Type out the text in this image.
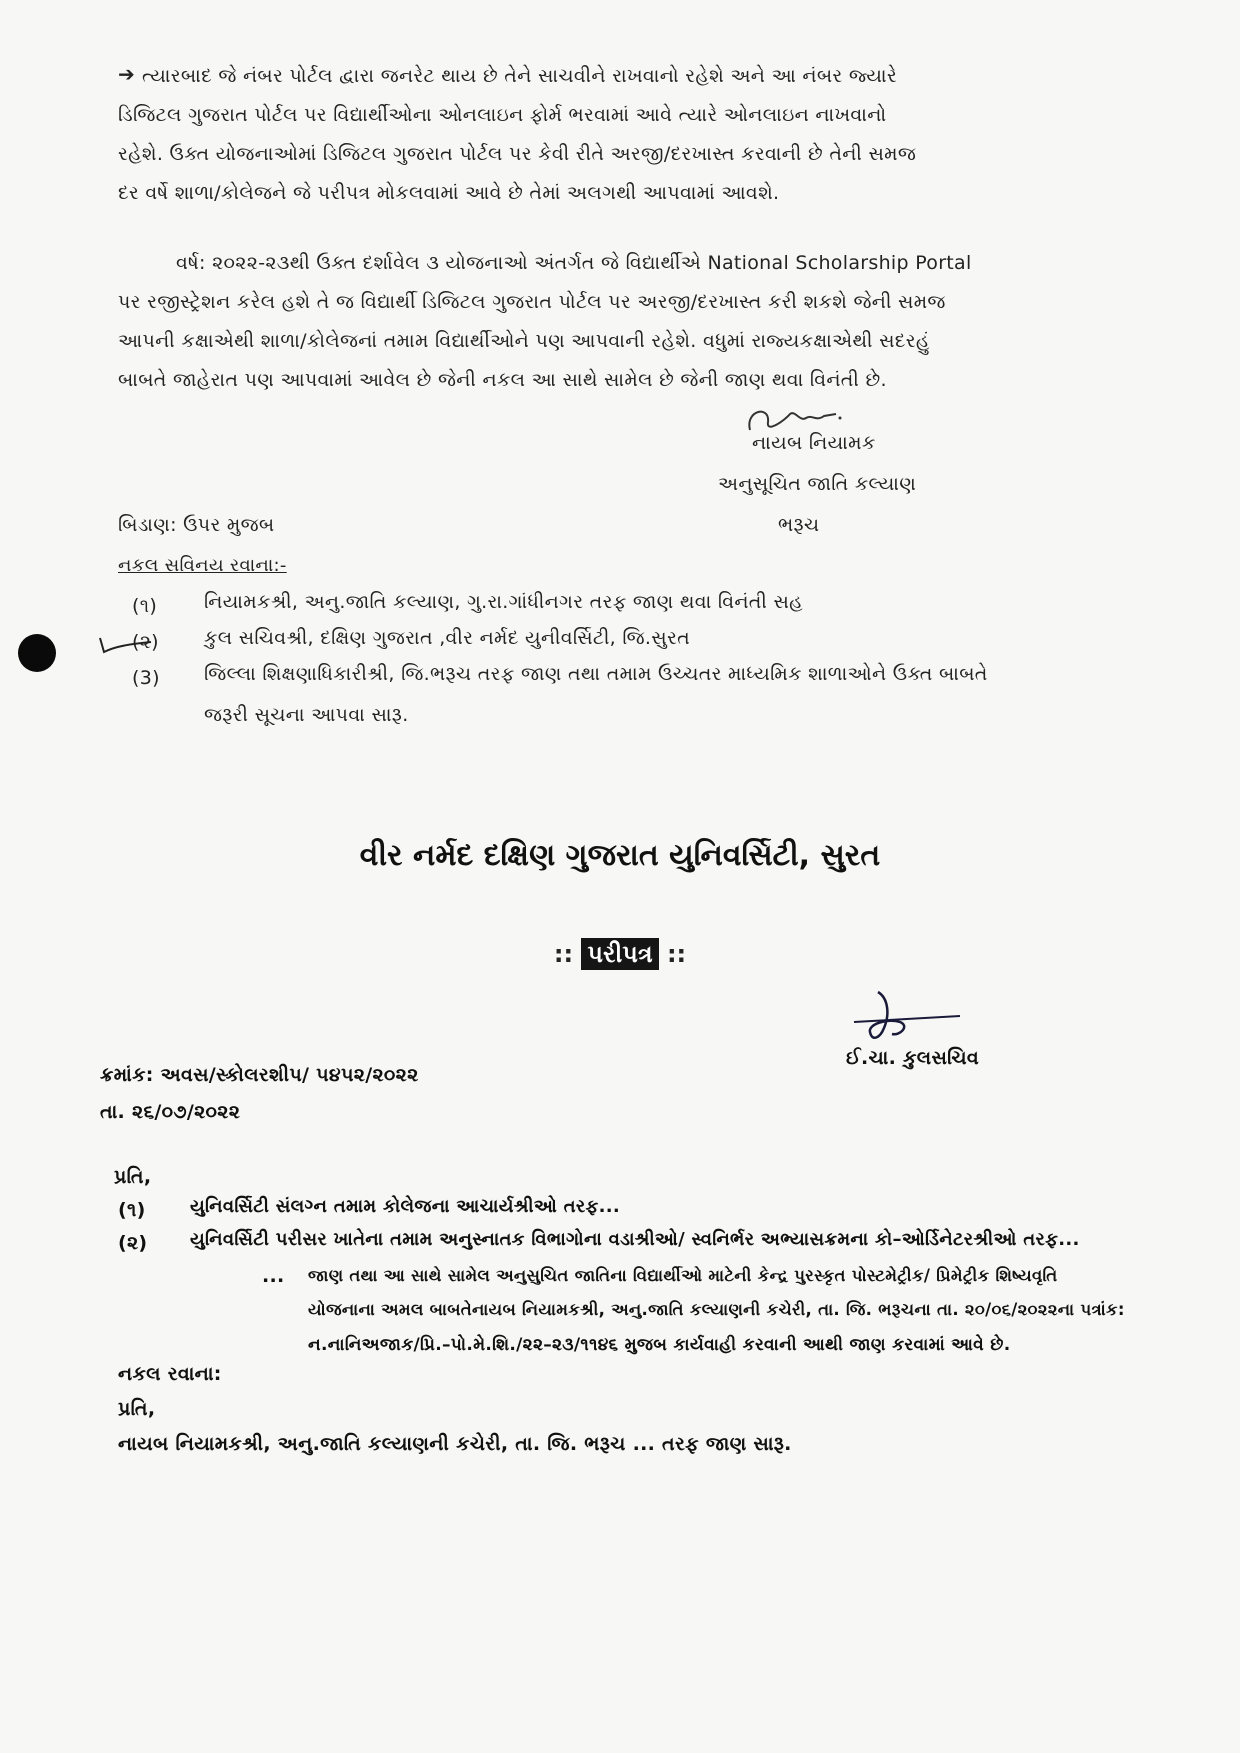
➔ ત્યારબાદ જે નંબર પોર્ટલ દ્વારા જનરેટ થાય છે તેને સાચવીને રાખવાનો રહેશે અને આ નંબર જ્યારે
ડિજિટલ ગુજરાત પોર્ટલ પર વિદ્યાર્થીઓના ઓનલાઇન ફોર્મ ભરવામાં આવે ત્યારે ઓનલાઇન નાખવાનો
રહેશે. ઉક્ત યોજનાઓમાં ડિજિટલ ગુજરાત પોર્ટલ પર કેવી રીતે અરજી/દરખાસ્ત કરવાની છે તેની સમજ
દર વર્ષે શાળા/કોલેજને જે પરીપત્ર મોકલવામાં આવે છે તેમાં અલગથી આપવામાં આવશે.
વર્ષ: ૨૦૨૨-૨૩થી ઉક્ત દર્શાવેલ ૩ યોજનાઓ અંતર્ગત જે વિદ્યાર્થીએ National Scholarship Portal
પર રજીસ્ટ્રેશન કરેલ હશે તે જ વિદ્યાર્થી ડિજિટલ ગુજરાત પોર્ટલ પર અરજી/દરખાસ્ત કરી શકશે જેની સમજ
આપની કક્ષાએથી શાળા/કોલેજનાં તમામ વિદ્યાર્થીઓને પણ આપવાની રહેશે. વધુમાં રાજ્યકક્ષાએથી સદરહું
બાબતે જાહેરાત પણ આપવામાં આવેલ છે જેની નકલ આ સાથે સામેલ છે જેની જાણ થવા વિનંતી છે.
નાયબ નિયામક
અનુસૂચિત જાતિ કલ્યાણ
ભરૂચ
બિડાણ: ઉપર મુજબ
નકલ સવિનય રવાના:-
(૧) નિયામકશ્રી, અનુ.જાતિ કલ્યાણ, ગુ.રા.ગાંધીનગર તરફ જાણ થવા વિનંતી સહ
(૨) કુલ સચિવશ્રી, દક્ષિણ ગુજરાત ,વીર નર્મદ યુનીવર્સિટી, જિ.સુરત
(3) જિલ્લા શિક્ષણાધિકારીશ્રી, જિ.ભરૂચ તરફ જાણ તથા તમામ ઉચ્ચતર માધ્યમિક શાળાઓને ઉક્ત બાબતે
જરૂરી સૂચના આપવા સારૂ.
વીર નર્મદ દક્ષિણ ગુજરાત યુનિવર્સિટી, સુરત
:: પરીપત્ર ::
ઈ.ચા. કુલસચિવ
ક્રમાંક: અવસ/સ્કોલરશીપ/ ૫૪૫૨/૨૦૨૨
તા. ૨૬/૦૭/૨૦૨૨
પ્રતિ,
(૧) યુનિવર્સિટી સંલગ્ન તમામ કોલેજના આચાર્યશ્રીઓ તરફ...
(૨) યુનિવર્સિટી પરીસર ખાતેના તમામ અનુસ્નાતક વિભાગોના વડાશ્રીઓ/ સ્વનિર્ભર અભ્યાસક્રમના કો–ઓર્ડિનેટરશ્રીઓ તરફ...
... જાણ તથા આ સાથે સામેલ અનુસુચિત જાતિના વિદ્યાર્થીઓ માટેની કેન્દ્ર પુરસ્કૃત પોસ્ટમેટ્રીક/ પ્રિમેટ્રીક શિષ્યવૃતિ
યોજનાના અમલ બાબતેનાયબ નિયામકશ્રી, અનુ.જાતિ કલ્યાણની કચેરી, તા. જિ. ભરૂચના તા. ૨૦/૦૬/૨૦૨૨ના પત્રાંક:
ન.નાનિઅજાક/પ્રિ.–પો.મે.શિ./૨૨–૨૩/૧૧૪૬ મુજબ કાર્યવાહી કરવાની આથી જાણ કરવામાં આવે છે.
નકલ રવાના:
પ્રતિ,
નાયબ નિયામકશ્રી, અનુ.જાતિ કલ્યાણની કચેરી, તા. જિ. ભરૂચ ... તરફ જાણ સારૂ.
